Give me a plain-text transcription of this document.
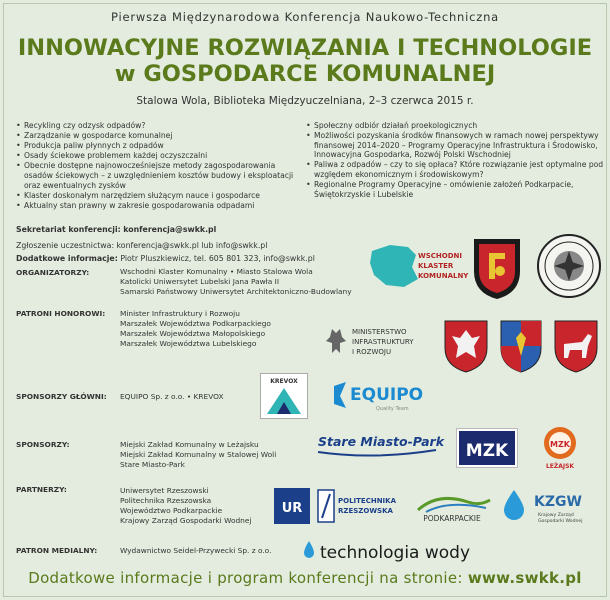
Pierwsza Międzynarodowa Konferencja Naukowo-Techniczna
INNOWACYJNE ROZWIĄZANIA I TECHNOLOGIE
w GOSPODARCE KOMUNALNEJ
Stalowa Wola, Biblioteka Międzyuczelniana, 2–3 czerwca 2015 r.
• Recykling czy odzysk odpadów?
• Zarządzanie w gospodarce komunalnej
• Produkcja paliw płynnych z odpadów
• Osady ściekowe problemem każdej oczyszczalni
• Obecnie dostępne najnowocześniejsze metody zagospodarowania osadów ściekowych – z uwzględnieniem kosztów budowy i eksploatacji oraz ewentualnych zysków
• Klaster doskonałym narzędziem służącym nauce i gospodarce
• Aktualny stan prawny w zakresie gospodarowania odpadami
• Społeczny odbiór działań proekologicznych
• Możliwości pozyskania środków finansowych w ramach nowej perspektywy finansowej 2014–2020 – Programy Operacyjne Infrastruktura i Środowisko, Innowacyjna Gospodarka, Rozwój Polski Wschodniej
• Paliwa z odpadów – czy to się opłaca? Które rozwiązanie jest optymalne pod względem ekonomicznym i środowiskowym?
• Regionalne Programy Operacyjne – omówienie założeń Podkarpacie, Świętokrzyskie i Lubelskie
Sekretariat konferencji: konferencja@swkk.pl
Zgłoszenie uczestnictwa: konferencja@swkk.pl lub info@swkk.pl
Dodatkowe informacje: Piotr Pluszkiewicz, tel. 605 801 323, info@swkk.pl
ORGANIZATORZY:	Wschodni Klaster Komunalny • Miasto Stalowa Wola
Katolicki Uniwersytet Lubelski Jana Pawła II
Samarski Państwowy Uniwersytet Architektoniczno-Budowlany
WSCHODNI
KLASTER
KOMUNALNY
PATRONI HONOROWI:	Minister Infrastruktury i Rozwoju
Marszałek Województwa Podkarpackiego
Marszałek Województwa Małopolskiego
Marszałek Województwa Lubelskiego
MINISTERSTWO
INFRASTRUKTURY
I ROZWOJU
SPONSORZY GŁÓWNI:	EQUIPO Sp. z o.o. • KREVOX
KREVOX
EQUIPO
Quality Team
SPONSORZY:	Miejski Zakład Komunalny w Leżajsku
Miejski Zakład Komunalny w Stalowej Woli
Stare Miasto-Park
Stare Miasto-Park MZK	MZK
LEŻAJSK
PARTNERZY:	Uniwersytet Rzeszowski
Politechnika Rzeszowska
Województwo Podkarpackie
Krajowy Zarząd Gospodarki Wodnej
UR	POLITECHNIKA
RZESZOWSKA
PODKARPACKIE
KZGW
Krajowy Zarząd
Gospodarki Wodnej
PATRON MEDIALNY:	Wydawnictwo Seidel-Przywecki Sp. z o.o.	technologia wody
Dodatkowe informacje i program konferencji na stronie: www.swkk.pl
